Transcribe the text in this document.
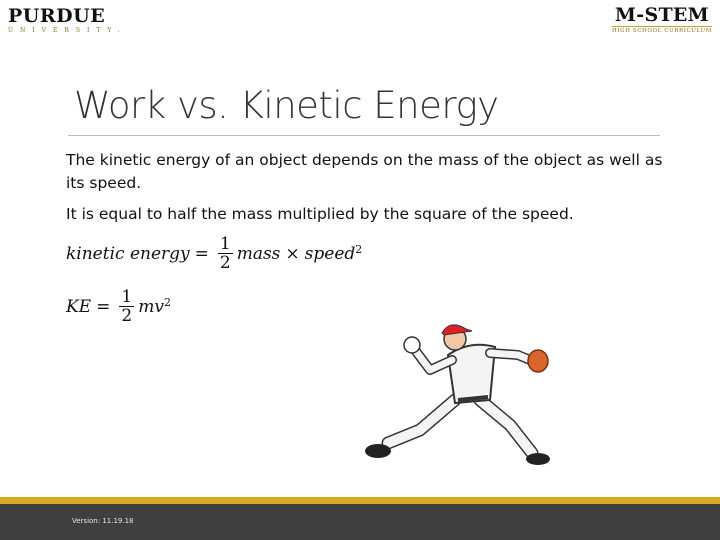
PURDUE
UNIVERSITY.
M-STEM
HIGH SCHOOL CURRICULUM
Work vs. Kinetic Energy
The kinetic energy of an object depends on the mass of the object as well as its speed.
It is equal to half the mass multiplied by the square of the speed.
kinetic energy = $\frac{1}{2}$ mass × speed$^2$
KE = $\frac{1}{2} mv^2$
Version: 11.19.18
